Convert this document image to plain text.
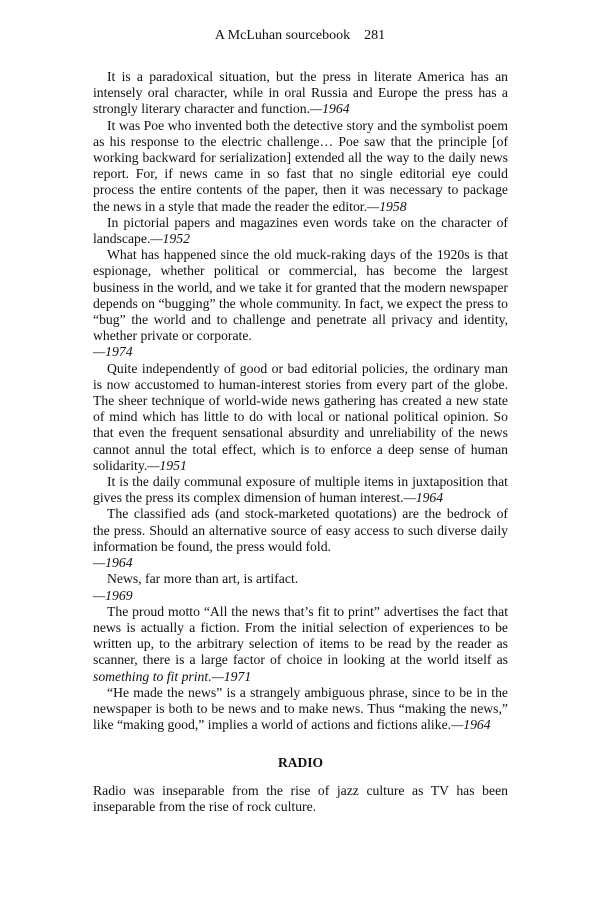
A McLuhan sourcebook 281

It is a paradoxical situation, but the press in literate America has an intensely oral character, while in oral Russia and Europe the press has a strongly literary character and function.—1964

It was Poe who invented both the detective story and the symbolist poem as his response to the electric challenge… Poe saw that the principle [of working backward for serialization] extended all the way to the daily news report. For, if news came in so fast that no single editorial eye could process the entire contents of the paper, then it was necessary to package the news in a style that made the reader the editor.—1958

In pictorial papers and magazines even words take on the character of landscape.—1952

What has happened since the old muck-raking days of the 1920s is that espionage, whether political or commercial, has become the largest business in the world, and we take it for granted that the modern newspaper depends on “bugging” the whole community. In fact, we expect the press to “bug” the world and to challenge and penetrate all privacy and identity, whether private or corporate.

—1974

Quite independently of good or bad editorial policies, the ordinary man is now accustomed to human-interest stories from every part of the globe. The sheer technique of world-wide news gathering has created a new state of mind which has little to do with local or national political opinion. So that even the frequent sensational absurdity and unreliability of the news cannot annul the total effect, which is to enforce a deep sense of human solidarity.—1951

It is the daily communal exposure of multiple items in juxtaposition that gives the press its complex dimension of human interest.—1964

The classified ads (and stock-marketed quotations) are the bedrock of the press. Should an alternative source of easy access to such diverse daily information be found, the press would fold.

—1964

News, far more than art, is artifact.

—1969

The proud motto “All the news that’s fit to print” advertises the fact that news is actually a fiction. From the initial selection of experiences to be written up, to the arbitrary selection of items to be read by the reader as scanner, there is a large factor of choice in looking at the world itself as something to fit print.—1971

“He made the news” is a strangely ambiguous phrase, since to be in the newspaper is both to be news and to make news. Thus “making the news,” like “making good,” implies a world of actions and fictions alike.—1964

RADIO

Radio was inseparable from the rise of jazz culture as TV has been inseparable from the rise of rock culture.
